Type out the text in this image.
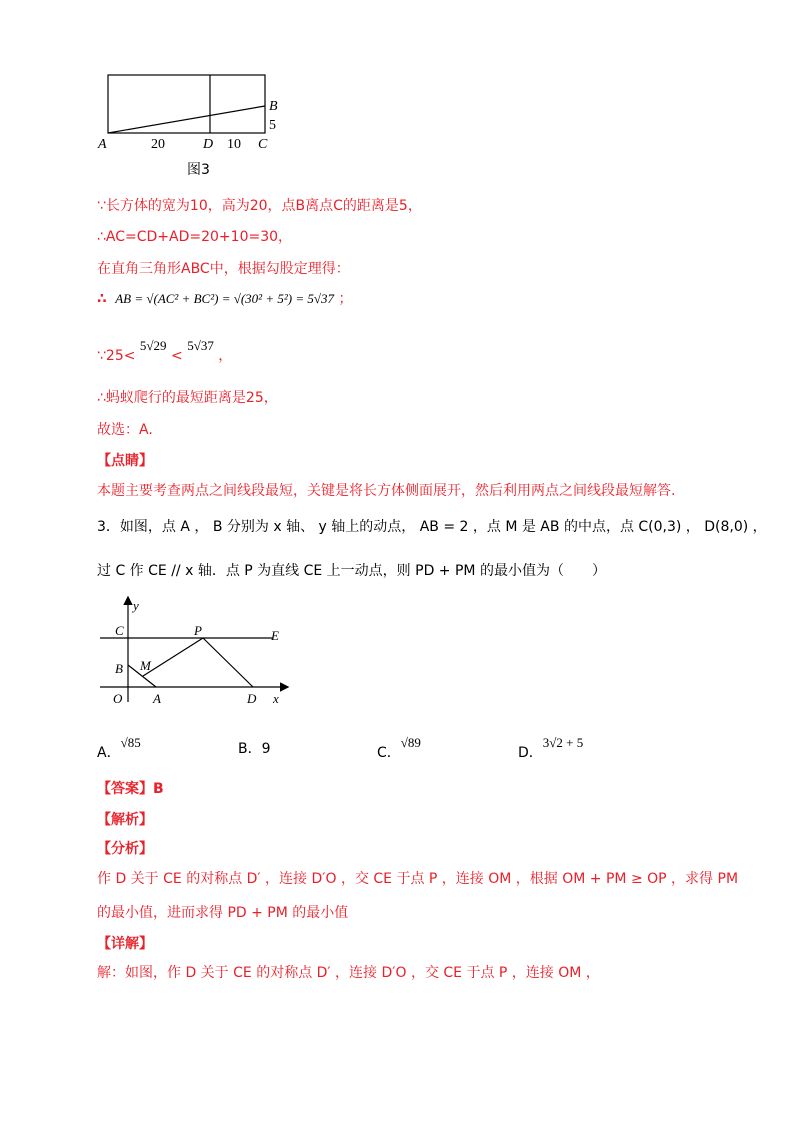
A	20	D 10 C
B
5
图3
∵长方体的宽为10，高为20，点B离点C的距离是5，
∴AC=CD+AD=20+10=30，
在直角三角形ABC中，根据勾股定理得：
∴ AB = √(AC² + BC²) = √(30² + 5²) = 5√37 ；
∵25< 5√29 < 5√37 ，
∴蚂蚁爬行的最短距离是25，
故选：A.
【点睛】
本题主要考查两点之间线段最短，关键是将长方体侧面展开，然后利用两点之间线段最短解答.
3．如图，点 A ， B 分别为 x 轴、 y 轴上的动点， AB = 2 ，点 M 是 AB 的中点，点 C(0,3) ， D(8,0) ，
过 C 作 CE // x 轴．点 P 为直线 CE 上一动点，则 PD + PM 的最小值为（　　）
y
C	P	E
B M
O A	D x
A．√85	B．9	C．√89
D．3√2 + 5
【答案】B
【解析】
【分析】
作 D 关于 CE 的对称点 D′ ，连接 D′O ，交 CE 于点 P ，连接 OM ，根据 OM + PM ≥ OP ，求得 PM
的最小值，进而求得 PD + PM 的最小值
【详解】
解：如图，作 D 关于 CE 的对称点 D′ ，连接 D′O ，交 CE 于点 P ，连接 OM ，
